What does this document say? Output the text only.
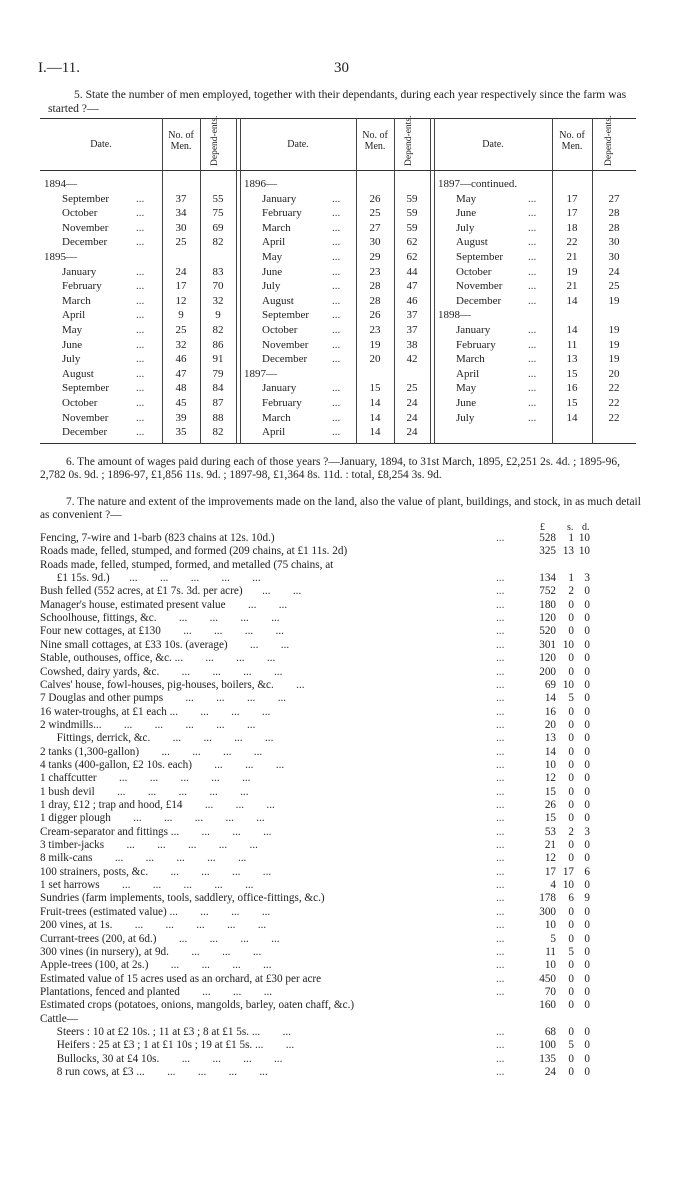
I.—11.	30
5. State the number of men employed, together with their dependants, during each year respectively since the farm was started ?—
Date.
No. of Men.	Depend-ents.	Date.
No. of Men.	Depend-ents.	Date.
No. of Men.	Depend-ents.
1894—
September ...	37	55
October	...	34	75
November	...	30	69
December	...	25	82
1895—
January	...	24	83
February	...	17	70
March	...	12	32
April	...	9	9
May	...	25	82
June	...	32	86
July	...	46	91
August	...	47	79
September ...	48	84
October	...	45	87
November	...	39	88
December	...	35	82
1896—
January	...	26	59
February	...	25	59
March	...	27	59
April	...	30	62
May	...	29	62
June	...	23	44
July	...	28	47
August	...	28	46
September ...	26	37
October	...	23	37
November ...	19	38
December ...	20	42
1897—
January	...	15	25
February	...	14	24
March	...	14	24
April	...	14	24
1897—continued.
May	...	17	27
June	...	17	28
July	...	18	28
August	...	22	30
September ...	21	30
October	...	19	24
November ...	21	25
December ...	14	19
1898—
January	...	14	19
February	...	11	19
March	...	13	19
April	...	15	20
May	...	16	22
June	...	15	22
July	...	14	22
6. The amount of wages paid during each of those years ?—January, 1894, to 31st March, 1895, £2,251 2s. 4d. ; 1895-96, 2,782 0s. 9d. ; 1896-97, £1,856 11s. 9d. ; 1897-98, £1,364 8s. 11d. : total, £8,254 3s. 9d.
7. The nature and extent of the improvements made on the land, also the value of plant, buildings, and stock, in as much detail as convenient ?—
£ s. d.
Fencing, 7-wire and 1-barb (823 chains at 12s. 10d.)	...	528	1 10
Roads made, felled, stumped, and formed (209 chains, at £1 11s. 2d)	325 13 10
Roads made, felled, stumped, formed, and metalled (75 chains, at
£1 15s. 9d.)       ...        ...        ...        ...        ...	...	134	1 3
Bush felled (552 acres, at £1 7s. 3d. per acre)       ...        ...	...	752	2 0
Manager's house, estimated present value        ...        ...	...	180	0 0
Schoolhouse, fittings, &c.        ...        ...        ...        ...	...	120	0 0
Four new cottages, at £130        ...        ...        ...        ...	...	520	0 0
Nine small cottages, at £33 10s. (average)        ...        ...	...	301 10 0
Stable, outhouses, office, &c. ...        ...        ...        ...	...	120	0 0
Cowshed, dairy yards, &c.        ...        ...        ...        ...	...	200	0 0
Calves' house, fowl-houses, pig-houses, boilers, &c.        ...	...	69 10 0
7 Douglas and other pumps        ...        ...        ...        ...	...	14	5 0
16 water-troughs, at £1 each ...        ...        ...        ...	...	16	0 0
2 windmills...        ...        ...        ...        ...        ...	...	20	0 0
Fittings, derrick, &c.        ...        ...        ...        ...	...	13	0 0
2 tanks (1,300-gallon)        ...        ...        ...        ...	...	14	0 0
4 tanks (400-gallon, £2 10s. each)        ...        ...        ...	...	10	0 0
1 chaffcutter        ...        ...        ...        ...        ...	...	12	0 0
1 bush devil        ...        ...        ...        ...        ...	...	15	0 0
1 dray, £12 ; trap and hood, £14        ...        ...        ...	...	26	0 0
1 digger plough        ...        ...        ...        ...        ...	...	15	0 0
Cream-separator and fittings ...        ...        ...        ...	...	53	2 3
3 timber-jacks        ...        ...        ...        ...        ...	...	21	0 0
8 milk-cans        ...        ...        ...        ...        ...	...	12	0 0
100 strainers, posts, &c.        ...        ...        ...        ...	...	17 17 6
1 set harrows        ...        ...        ...        ...        ...	...	4 10 0
Sundries (farm implements, tools, saddlery, office-fittings, &c.)	...	178	6 9
Fruit-trees (estimated value) ...        ...        ...        ...	...	300	0 0
200 vines, at 1s.        ...        ...        ...        ...        ...	...	10	0 0
Currant-trees (200, at 6d.)        ...        ...        ...        ...	...	5	0 0
300 vines (in nursery), at 9d.        ...        ...        ...	...	11	5 0
Apple-trees (100, at 2s.)        ...        ...        ...        ...	...	10	0 0
Estimated value of 15 acres used as an orchard, at £30 per acre	...	450	0 0
Plantations, fenced and planted        ...        ...        ...	...	70	0 0
Estimated crops (potatoes, onions, mangolds, barley, oaten chaff, &c.)	160	0 0
Cattle—
Steers : 10 at £2 10s. ; 11 at £3 ; 8 at £1 5s. ...        ...	...	68	0 0
Heifers : 25 at £3 ; 1 at £1 10s ; 19 at £1 5s. ...        ...	...	100	5 0
Bullocks, 30 at £4 10s.        ...        ...        ...        ...	...	135	0 0
8 run cows, at £3 ...        ...        ...        ...        ...	...	24	0 0
